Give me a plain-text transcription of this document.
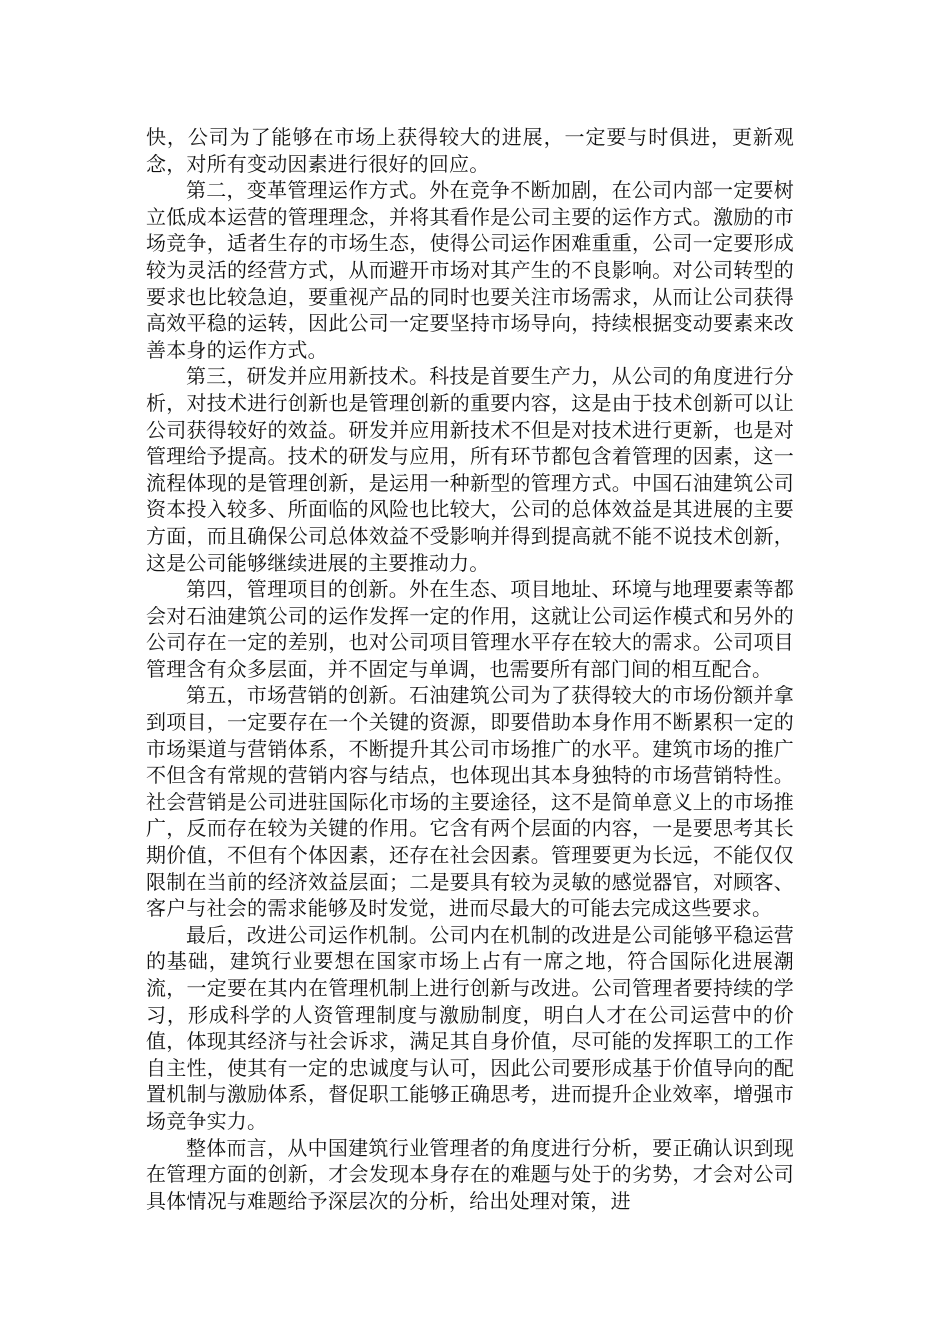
快，公司为了能够在市场上获得较大的进展，一定要与时俱进，更新观念，对所有变动因素进行很好的回应。

第二，变革管理运作方式。外在竞争不断加剧，在公司内部一定要树立低成本运营的管理理念，并将其看作是公司主要的运作方式。激励的市场竞争，适者生存的市场生态，使得公司运作困难重重，公司一定要形成较为灵活的经营方式，从而避开市场对其产生的不良影响。对公司转型的要求也比较急迫，要重视产品的同时也要关注市场需求，从而让公司获得高效平稳的运转，因此公司一定要坚持市场导向，持续根据变动要素来改善本身的运作方式。

第三，研发并应用新技术。科技是首要生产力，从公司的角度进行分析，对技术进行创新也是管理创新的重要内容，这是由于技术创新可以让公司获得较好的效益。研发并应用新技术不但是对技术进行更新，也是对管理给予提高。技术的研发与应用，所有环节都包含着管理的因素，这一流程体现的是管理创新，是运用一种新型的管理方式。中国石油建筑公司资本投入较多、所面临的风险也比较大，公司的总体效益是其进展的主要方面，而且确保公司总体效益不受影响并得到提高就不能不说技术创新，这是公司能够继续进展的主要推动力。

第四，管理项目的创新。外在生态、项目地址、环境与地理要素等都会对石油建筑公司的运作发挥一定的作用，这就让公司运作模式和另外的公司存在一定的差别，也对公司项目管理水平存在较大的需求。公司项目管理含有众多层面，并不固定与单调，也需要所有部门间的相互配合。

第五，市场营销的创新。石油建筑公司为了获得较大的市场份额并拿到项目，一定要存在一个关键的资源，即要借助本身作用不断累积一定的市场渠道与营销体系，不断提升其公司市场推广的水平。建筑市场的推广不但含有常规的营销内容与结点，也体现出其本身独特的市场营销特性。社会营销是公司进驻国际化市场的主要途径，这不是简单意义上的市场推广，反而存在较为关键的作用。它含有两个层面的内容，一是要思考其长期价值，不但有个体因素，还存在社会因素。管理要更为长远，不能仅仅限制在当前的经济效益层面；二是要具有较为灵敏的感觉器官，对顾客、客户与社会的需求能够及时发觉，进而尽最大的可能去完成这些要求。

最后，改进公司运作机制。公司内在机制的改进是公司能够平稳运营的基础，建筑行业要想在国家市场上占有一席之地，符合国际化进展潮流，一定要在其内在管理机制上进行创新与改进。公司管理者要持续的学习，形成科学的人资管理制度与激励制度，明白人才在公司运营中的价值，体现其经济与社会诉求，满足其自身价值，尽可能的发挥职工的工作自主性，使其有一定的忠诚度与认可，因此公司要形成基于价值导向的配置机制与激励体系，督促职工能够正确思考，进而提升企业效率，增强市场竞争实力。

整体而言，从中国建筑行业管理者的角度进行分析，要正确认识到现在管理方面的创新，才会发现本身存在的难题与处于的劣势，才会对公司具体情况与难题给予深层次的分析，给出处理对策，进
